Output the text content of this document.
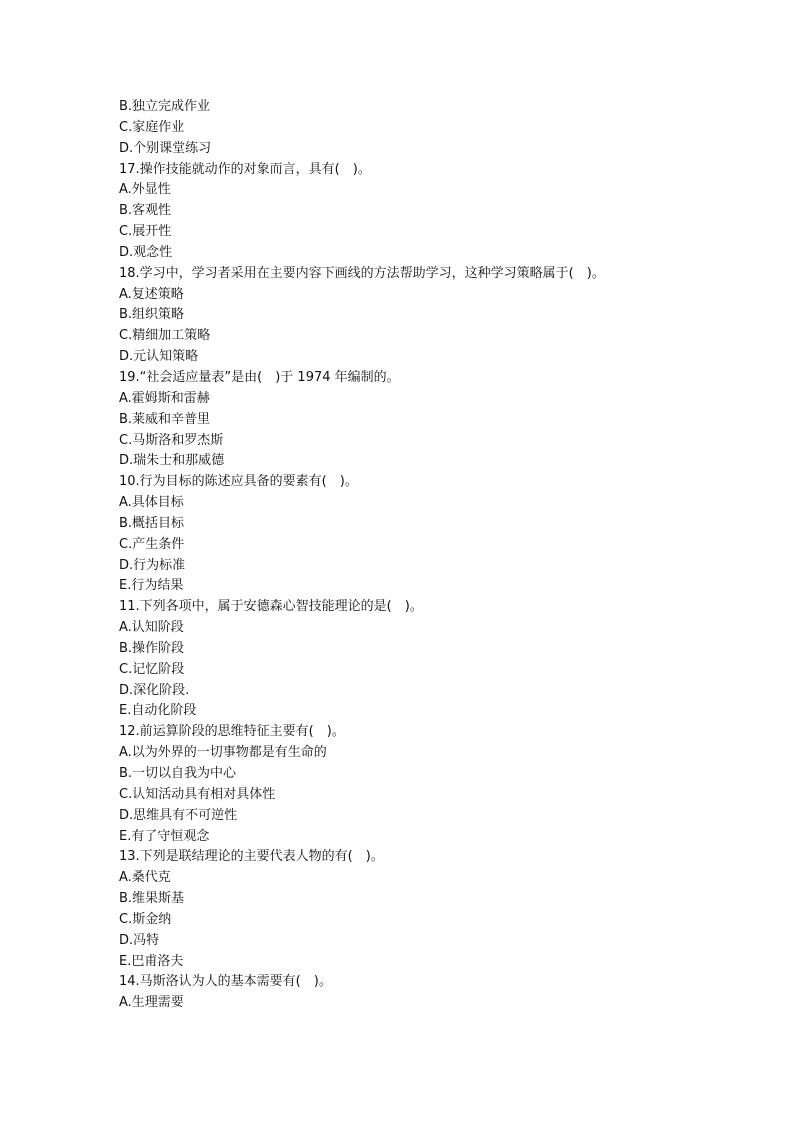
B.独立完成作业
C.家庭作业
D.个别课堂练习
17.操作技能就动作的对象而言，具有(　)。
A.外显性
B.客观性
C.展开性
D.观念性
18.学习中，学习者采用在主要内容下画线的方法帮助学习，这种学习策略属于(　)。
A.复述策略
B.组织策略
C.精细加工策略
D.元认知策略
19.“社会适应量表”是由(　)于 1974 年编制的。
A.霍姆斯和雷赫
B.莱威和辛普里
C.马斯洛和罗杰斯
D.瑞朱士和那威德
10.行为目标的陈述应具备的要素有(　)。
A.具体目标
B.概括目标
C.产生条件
D.行为标准
E.行为结果
11.下列各项中，属于安德森心智技能理论的是(　)。
A.认知阶段
B.操作阶段
C.记忆阶段
D.深化阶段.
E.自动化阶段
12.前运算阶段的思维特征主要有(　)。
A.以为外界的一切事物都是有生命的
B.一切以自我为中心
C.认知活动具有相对具体性
D.思维具有不可逆性
E.有了守恒观念
13.下列是联结理论的主要代表人物的有(　)。
A.桑代克
B.维果斯基
C.斯金纳
D.冯特
E.巴甫洛夫
14.马斯洛认为人的基本需要有(　)。
A.生理需要
